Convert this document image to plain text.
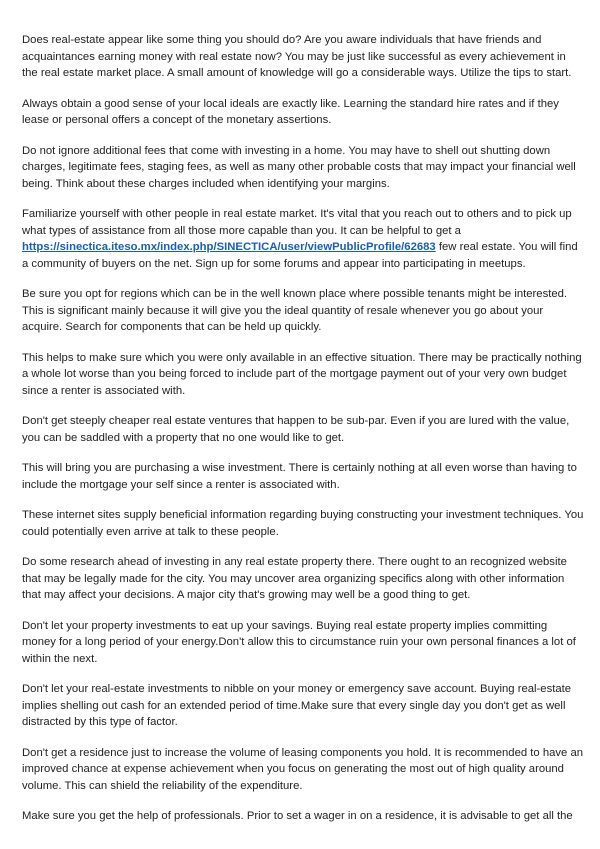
Does real-estate appear like some thing you should do? Are you aware individuals that have friends and acquaintances earning money with real estate now? You may be just like successful as every achievement in the real estate market place. A small amount of knowledge will go a considerable ways. Utilize the tips to start.

Always obtain a good sense of your local ideals are exactly like. Learning the standard hire rates and if they lease or personal offers a concept of the monetary assertions.

Do not ignore additional fees that come with investing in a home. You may have to shell out shutting down charges, legitimate fees, staging fees, as well as many other probable costs that may impact your financial well being. Think about these charges included when identifying your margins.

Familiarize yourself with other people in real estate market. It's vital that you reach out to others and to pick up what types of assistance from all those more capable than you. It can be helpful to get a https://sinectica.iteso.mx/index.php/SINECTICA/user/viewPublicProfile/62683 few real estate. You will find a community of buyers on the net. Sign up for some forums and appear into participating in meetups.

Be sure you opt for regions which can be in the well known place where possible tenants might be interested. This is significant mainly because it will give you the ideal quantity of resale whenever you go about your acquire. Search for components that can be held up quickly.

This helps to make sure which you were only available in an effective situation. There may be practically nothing a whole lot worse than you being forced to include part of the mortgage payment out of your very own budget since a renter is associated with.

Don't get steeply cheaper real estate ventures that happen to be sub-par. Even if you are lured with the value, you can be saddled with a property that no one would like to get.

This will bring you are purchasing a wise investment. There is certainly nothing at all even worse than having to include the mortgage your self since a renter is associated with.

These internet sites supply beneficial information regarding buying constructing your investment techniques. You could potentially even arrive at talk to these people.

Do some research ahead of investing in any real estate property there. There ought to an recognized website that may be legally made for the city. You may uncover area organizing specifics along with other information that may affect your decisions. A major city that's growing may well be a good thing to get.

Don't let your property investments to eat up your savings. Buying real estate property implies committing money for a long period of your energy.Don't allow this to circumstance ruin your own personal finances a lot of within the next.

Don't let your real-estate investments to nibble on your money or emergency save account. Buying real-estate implies shelling out cash for an extended period of time.Make sure that every single day you don't get as well distracted by this type of factor.

Don't get a residence just to increase the volume of leasing components you hold. It is recommended to have an improved chance at expense achievement when you focus on generating the most out of high quality around volume. This can shield the reliability of the expenditure.

Make sure you get the help of professionals. Prior to set a wager in on a residence, it is advisable to get all the
